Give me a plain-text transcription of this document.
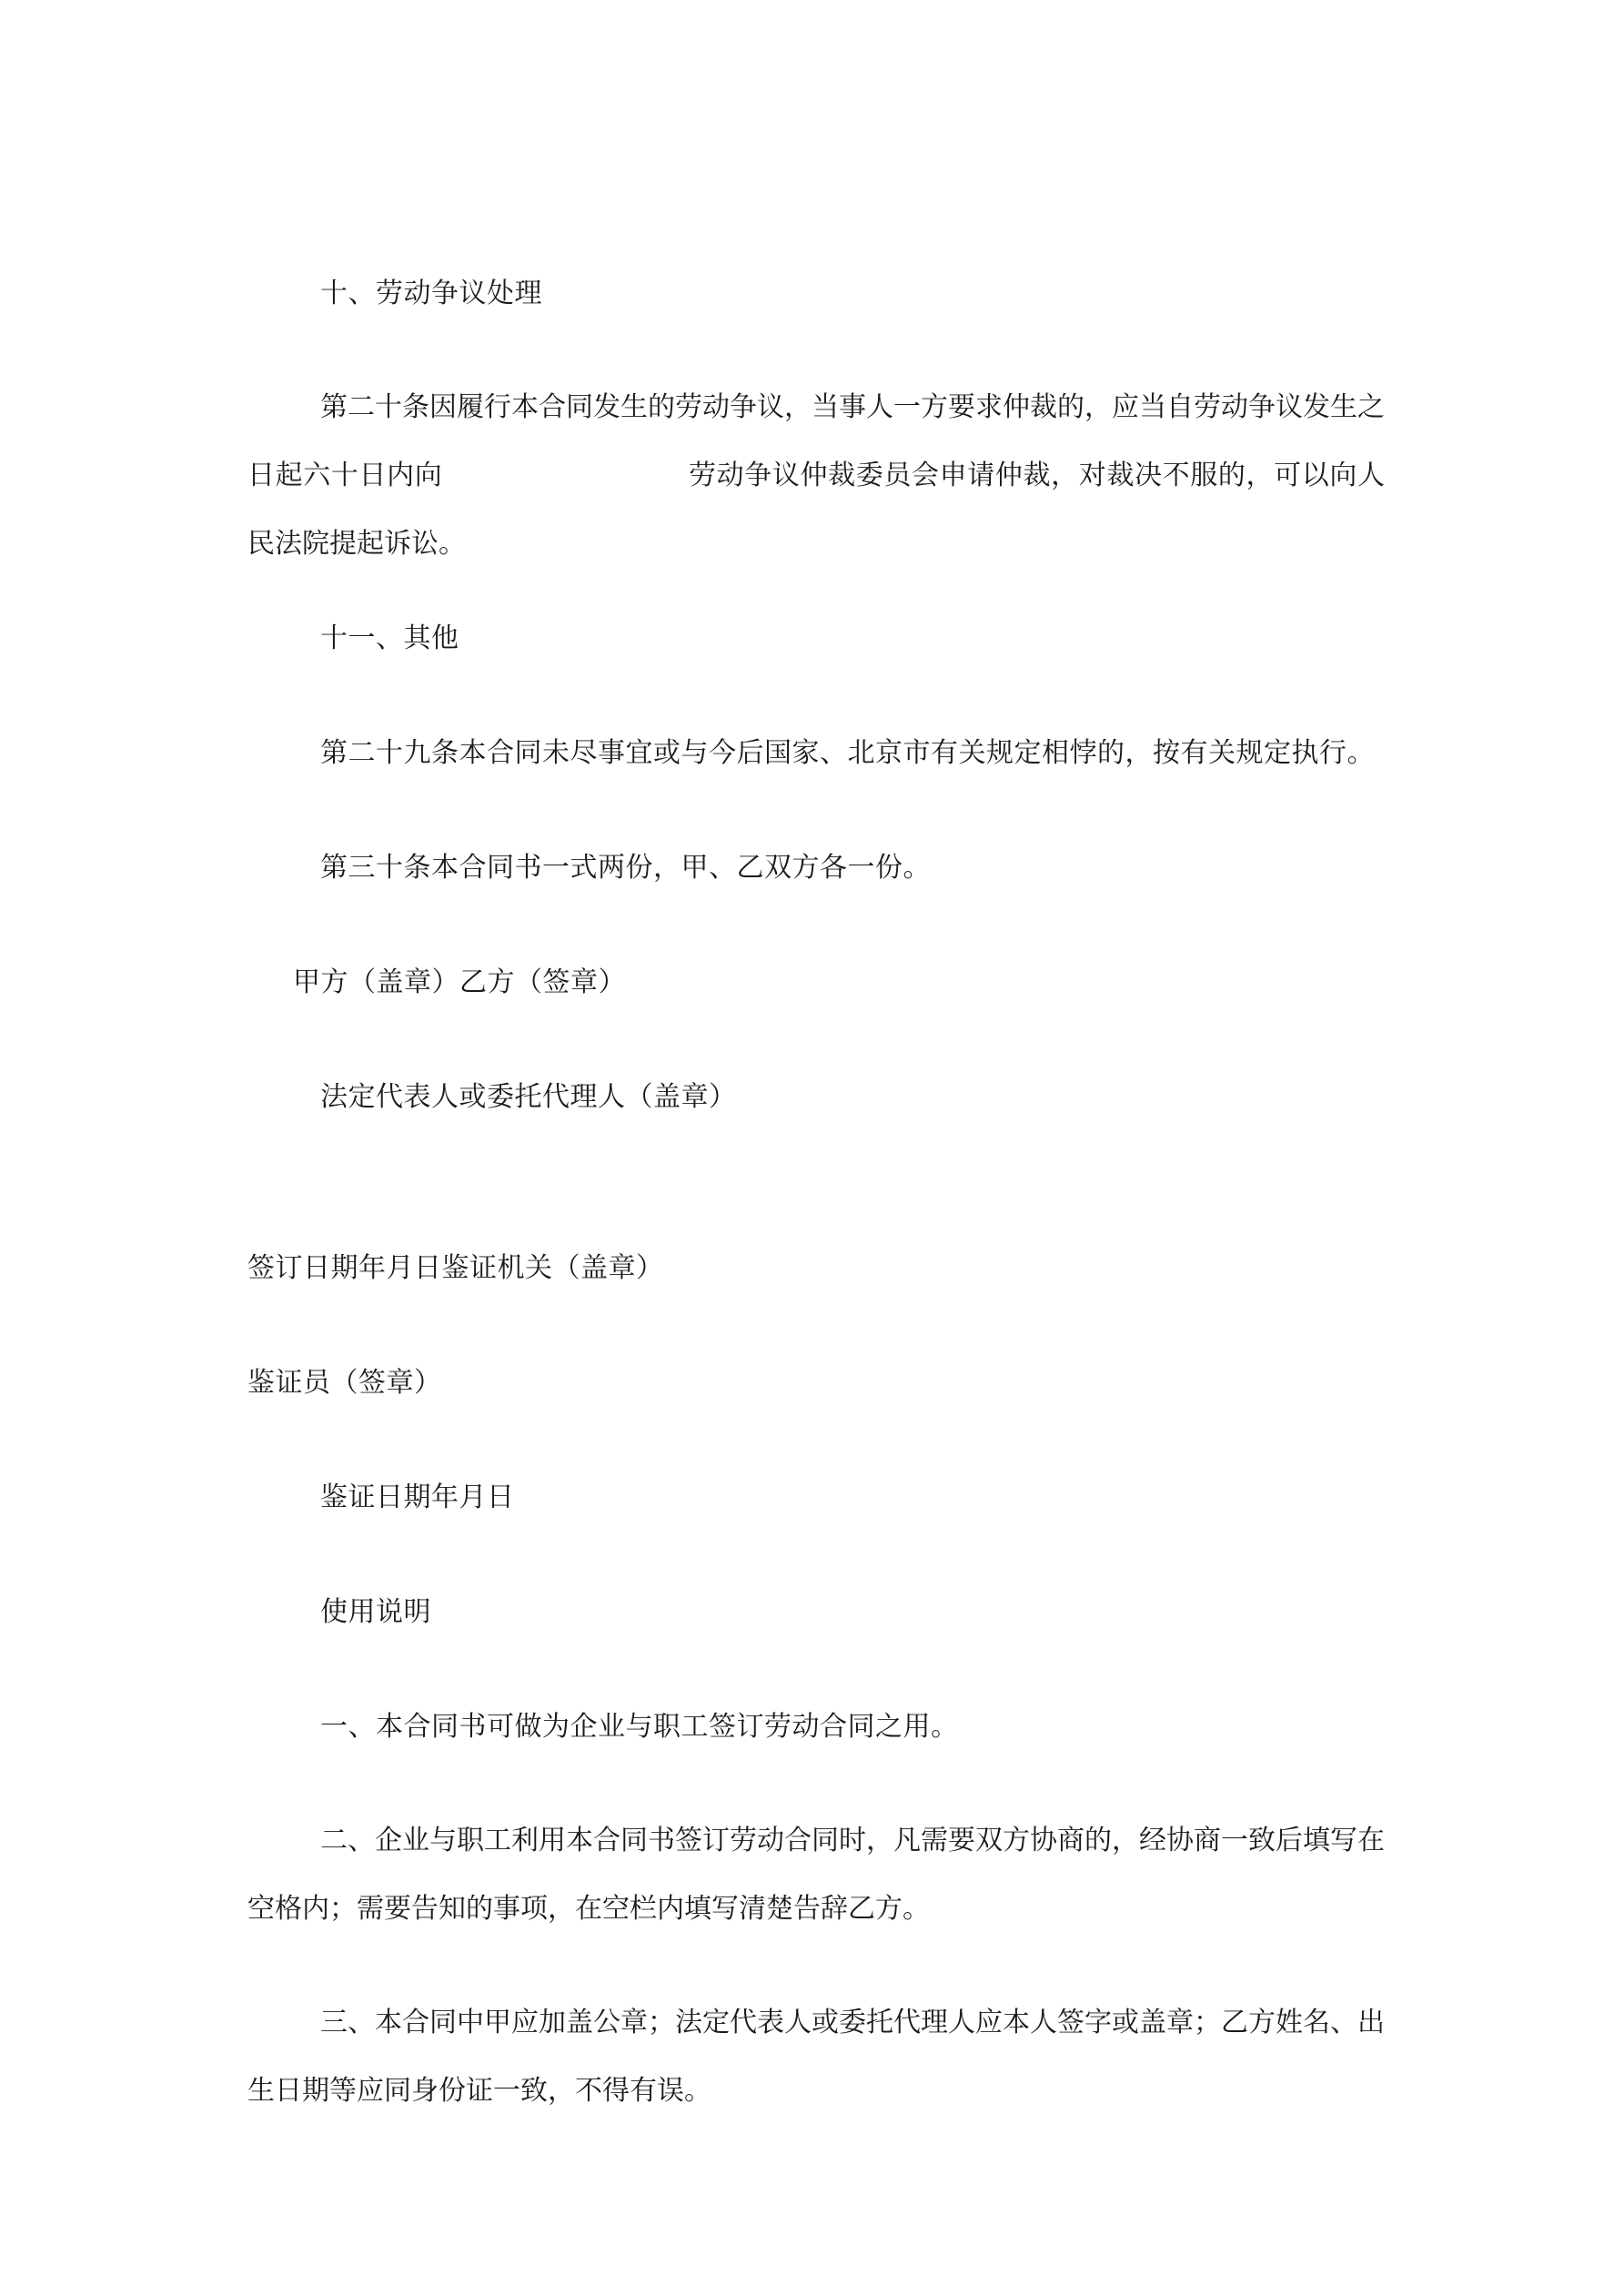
十、劳动争议处理
第二十条因履行本合同发生的劳动争议，当事人一方要求仲裁的，应当自劳动争议发生之日起六十日内向	劳动争议仲裁委员会申请仲裁，对裁决不服的，可以向人民法院提起诉讼。
十一、其他
第二十九条本合同未尽事宜或与今后国家、北京市有关规定相悖的，按有关规定执行。
第三十条本合同书一式两份，甲、乙双方各一份。
甲方（盖章）乙方（签章）
法定代表人或委托代理人（盖章）
签订日期年月日鉴证机关（盖章）
鉴证员（签章）
鉴证日期年月日
使用说明
一、本合同书可做为企业与职工签订劳动合同之用。
二、企业与职工利用本合同书签订劳动合同时，凡需要双方协商的，经协商一致后填写在空格内；需要告知的事项，在空栏内填写清楚告辞乙方。
三、本合同中甲应加盖公章；法定代表人或委托代理人应本人签字或盖章；乙方姓名、出生日期等应同身份证一致，不得有误。
